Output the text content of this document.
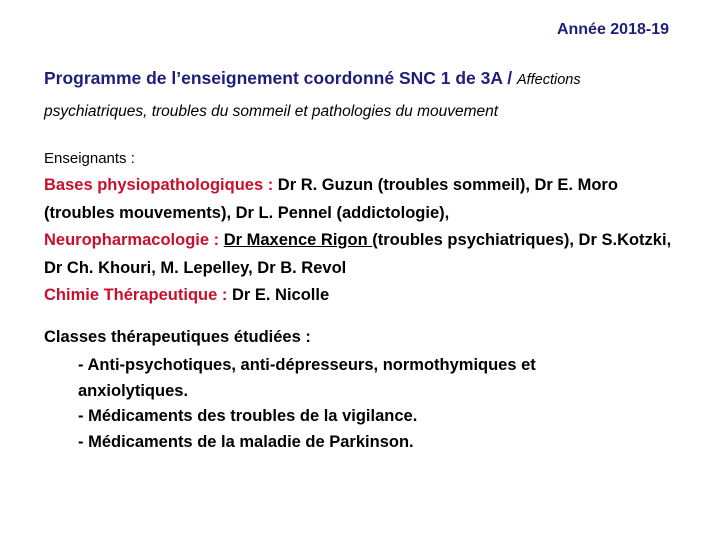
Année 2018-19
Programme de l’enseignement coordonné SNC 1 de 3A / Affections
psychiatriques, troubles du sommeil et pathologies du mouvement
Enseignants :
Bases physiopathologiques : Dr R. Guzun (troubles sommeil), Dr E. Moro (troubles mouvements), Dr L. Pennel (addictologie),
Neuropharmacologie : Dr Maxence Rigon (troubles psychiatriques), Dr S.Kotzki, Dr Ch. Khouri, M. Lepelley, Dr B. Revol
Chimie Thérapeutique : Dr E. Nicolle
Classes thérapeutiques étudiées :
- Anti-psychotiques, anti-dépresseurs, normothymiques et anxiolytiques.
- Médicaments des troubles de la vigilance.
- Médicaments de la maladie de Parkinson.
